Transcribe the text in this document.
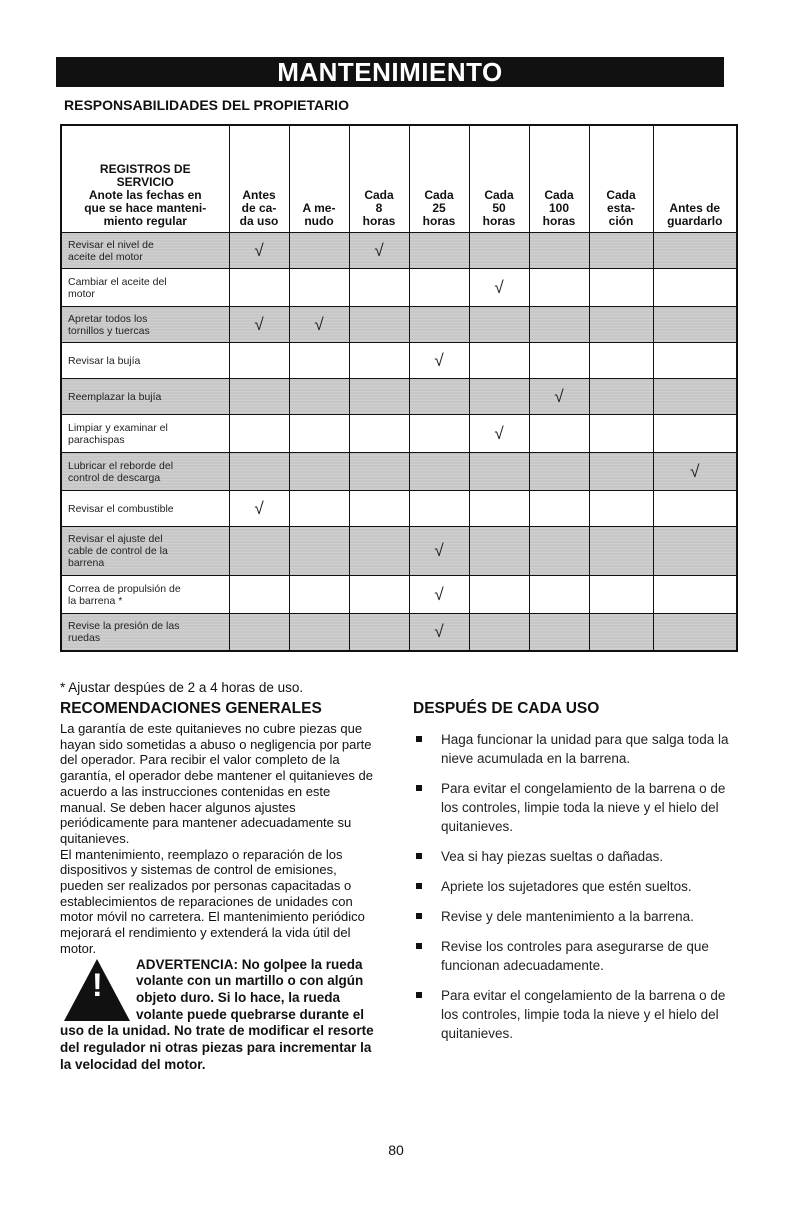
MANTENIMIENTO
RESPONSABILIDADES DEL PROPIETARIO
REGISTROS DE
SERVICIO
Anote las fechas en
que se hace manteni-
miento regular	Antes
de ca-
da uso	A me-
nudo	Cada
8
horas	Cada
25
horas	Cada
50
horas	Cada
100
horas	Cada
esta-
ción	Antes de
guardarlo
Revisar el nivel de
aceite del motor	√		√					
Cambiar el aceite del
motor					√			
Apretar todos los
tornillos y tuercas	√	√						
Revisar la bujía				√				
Reemplazar la bujía						√		
Limpiar y examinar el
parachispas					√			
Lubricar el reborde del
control de descarga								√
Revisar el combustible	√							
Revisar el ajuste del
cable de control de la
barrena				√				
Correa de propulsión de
la barrena *				√				
Revise la presión de las
ruedas				√				
* Ajustar despúes de 2 a 4 horas de uso.
RECOMENDACIONES GENERALES

La garantía de este quitanieves no cubre piezas que hayan sido sometidas a abuso o negligencia por parte del operador. Para recibir el valor completo de la garantía, el operador debe mantener el quitanieves de acuerdo a las instrucciones contenidas en este manual. Se deben hacer algunos ajustes periódicamente para mantener adecuadamente su quitanieves.

El mantenimiento, reemplazo o reparación de los dispositivos y sistemas de control de emisiones, pueden ser realizados por personas capacitadas o establecimientos de reparaciones de unidades con motor móvil no carretera. El mantenimiento periódico mejorará el rendimiento y extenderá la vida útil del motor.

!
ADVERTENCIA: No golpee la rueda volante con un martillo o con algún objeto duro. Si lo hace, la rueda volante puede quebrarse durante el uso de la unidad. No trate de modificar el resorte del regulador ni otras piezas para incrementar la la velocidad del motor.
DESPUÉS DE CADA USO
Haga funcionar la unidad para que salga toda la nieve acumulada en la barrena.
Para evitar el congelamiento de la barrena o de los controles, limpie toda la nieve y el hielo del quitanieves.
Vea si hay piezas sueltas o dañadas.
Apriete los sujetadores que estén sueltos.
Revise y dele mantenimiento a la barrena.
Revise los controles para asegurarse de que funcionan adecuadamente.
Para evitar el congelamiento de la barrena o de los controles, limpie toda la nieve y el hielo del quitanieves.
80
